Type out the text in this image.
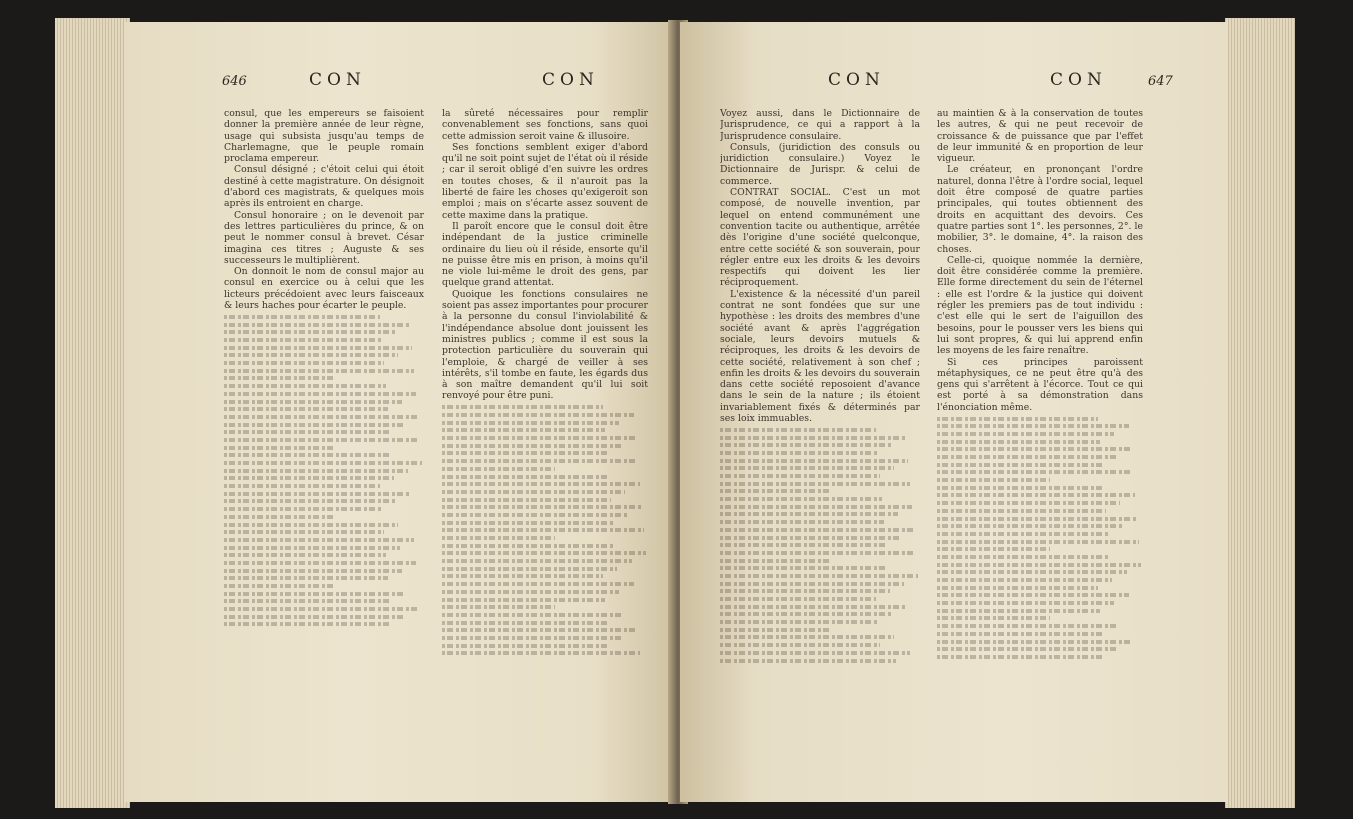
646	CON	CON

consul, que les empereurs se faisoient donner la première année de leur règne, usage qui subsista jusqu'au temps de Charlemagne, que le peuple romain proclama empereur.

Consul désigné ; c'étoit celui qui étoit destiné à cette magistrature. On désignoit d'abord ces magistrats, & quelques mois après ils entroient en charge.

Consul honoraire ; on le devenoit par des lettres particulières du prince, & on peut le nommer consul à brevet. César imagina ces titres ; Auguste & ses successeurs le multiplièrent.

On donnoit le nom de consul major au consul en exercice ou à celui que les licteurs précédoient avec leurs faisceaux & leurs haches pour écarter le peuple.

la sûreté nécessaires pour remplir convenablement ses fonctions, sans quoi cette admission seroit vaine & illusoire.

Ses fonctions semblent exiger d'abord qu'il ne soit point sujet de l'état où il réside ; car il seroit obligé d'en suivre les ordres en toutes choses, & il n'auroit pas la liberté de faire les choses qu'exigeroit son emploi ; mais on s'écarte assez souvent de cette maxime dans la pratique.

Il paroît encore que le consul doit être indépendant de la justice criminelle ordinaire du lieu où il réside, ensorte qu'il ne puisse être mis en prison, à moins qu'il ne viole lui-même le droit des gens, par quelque grand attentat.

Quoique les fonctions consulaires ne soient pas assez importantes pour procurer à la personne du consul l'inviolabilité & l'indépendance absolue dont jouissent les ministres publics ; comme il est sous la protection particulière du souverain qui l'emploie, & chargé de veiller à ses intérêts, s'il tombe en faute, les égards dus à son maître demandent qu'il lui soit renvoyé pour être puni.

CON	CON	647

Voyez aussi, dans le Dictionnaire de Jurisprudence, ce qui a rapport à la Jurisprudence consulaire.

Consuls, (juridiction des consuls ou juridiction consulaire.) Voyez le Dictionnaire de Jurispr. & celui de commerce.

CONTRAT SOCIAL. C'est un mot composé, de nouvelle invention, par lequel on entend communément une convention tacite ou authentique, arrêtée dès l'origine d'une société quelconque, entre cette société & son souverain, pour régler entre eux les droits & les devoirs respectifs qui doivent les lier réciproquement.

L'existence & la nécessité d'un pareil contrat ne sont fondées que sur une hypothèse : les droits des membres d'une société avant & après l'aggrégation sociale, leurs devoirs mutuels & réciproques, les droits & les devoirs de cette société, relativement à son chef ; enfin les droits & les devoirs du souverain dans cette société reposoient d'avance dans le sein de la nature ; ils étoient invariablement fixés & déterminés par ses loix immuables.

au maintien & à la conservation de toutes les autres, & qui ne peut recevoir de croissance & de puissance que par l'effet de leur immunité & en proportion de leur vigueur.

Le créateur, en prononçant l'ordre naturel, donna l'être à l'ordre social, lequel doit être composé de quatre parties principales, qui toutes obtiennent des droits en acquittant des devoirs. Ces quatre parties sont 1°. les personnes, 2°. le mobilier, 3°. le domaine, 4°. la raison des choses.

Celle-ci, quoique nommée la dernière, doit être considérée comme la première. Elle forme directement du sein de l'éternel : elle est l'ordre & la justice qui doivent régler les premiers pas de tout individu : c'est elle qui le sert de l'aiguillon des besoins, pour le pousser vers les biens qui lui sont propres, & qui lui apprend enfin les moyens de les faire renaître.

Si ces principes paroissent métaphysiques, ce ne peut être qu'à des gens qui s'arrêtent à l'écorce. Tout ce qui est porté à sa démonstration dans l'énonciation même.
